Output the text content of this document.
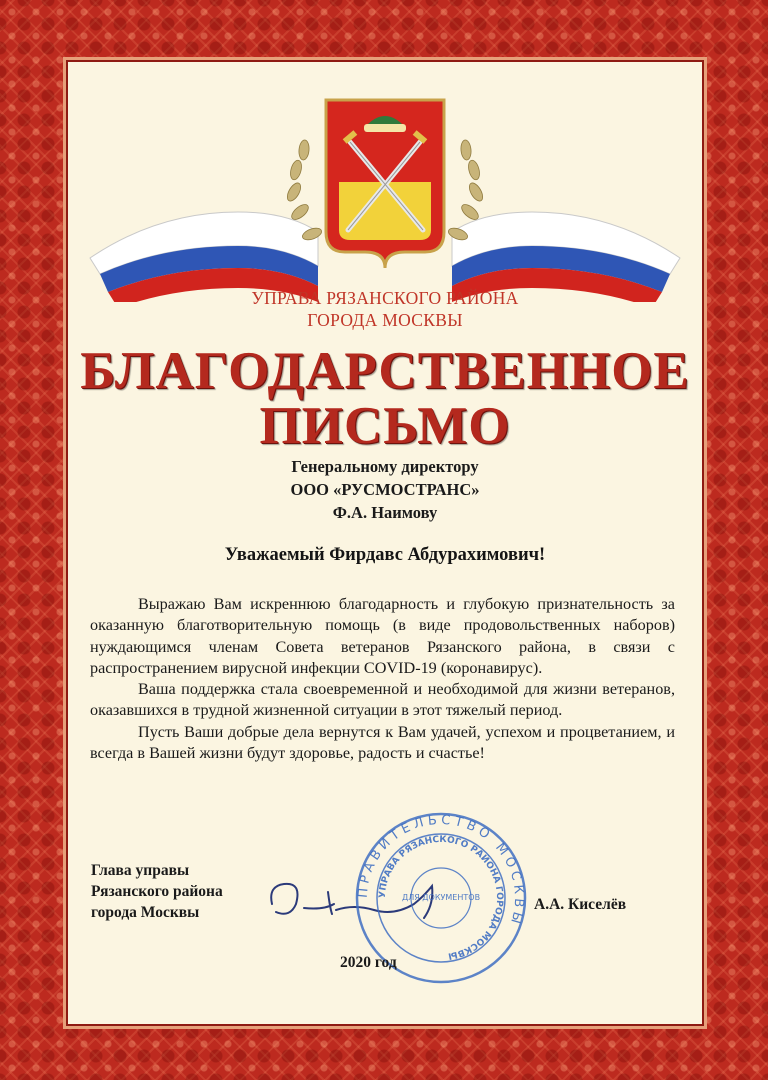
УПРАВА РЯЗАНСКОГО РАЙОНА
ГОРОДА МОСКВЫ
БЛАГОДАРСТВЕННОЕ
ПИСЬМО
Генеральному директору
ООО «РУСМОСТРАНС»
Ф.А. Наимову
Уважаемый Фирдавс Абдурахимович!

Выражаю Вам искреннюю благодарность и глубокую признательность за оказанную благотворительную помощь (в виде продовольственных наборов) нуждающимся членам Совета ветеранов Рязанского района, в связи с распространением вирусной инфекции COVID-19 (коронавирус).

Ваша поддержка стала своевременной и необходимой для жизни ветеранов, оказавшихся в трудной жизненной ситуации в этот тяжелый период.

Пусть Ваши добрые дела вернутся к Вам удачей, успехом и процветанием, и всегда в Вашей жизни будут здоровье, радость и счастье!

Глава управы
Рязанского района
города Москвы
ПРАВИТЕЛЬСТВО МОСКВЫ
УПРАВА РЯЗАНСКОГО РАЙОНА ГОРОДА МОСКВЫ
ДЛЯ ДОКУМЕНТОВ	А.А. Киселёв
2020 год
